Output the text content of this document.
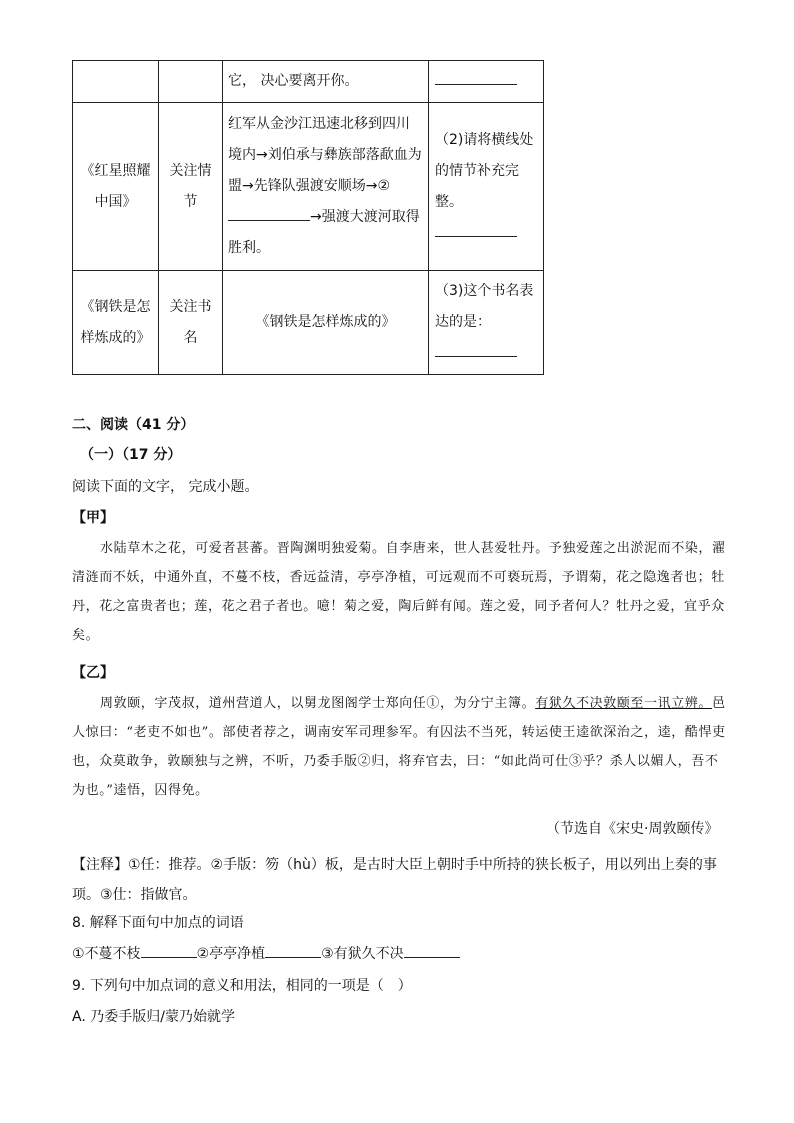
		它， 决心要离开你。	
《红星照耀中国》	关注情节	红军从金沙江迅速北移到四川境内→刘伯承与彝族部落歃血为盟→先锋队强渡安顺场→②→强渡大渡河取得胜利。	（2)请将横线处的情节补充完整。

《钢铁是怎样炼成的》	关注书名	《钢铁是怎样炼成的》	（3)这个书名表达的是：

二、阅读（41 分）
（一）（17 分）
阅读下面的文字， 完成小题。
【甲】
水陆草木之花，可爱者甚蕃。晋陶渊明独爱菊。自李唐来，世人甚爱牡丹。予独爱莲之出淤泥而不染，濯清涟而不妖，中通外直，不蔓不枝，香远益清，亭亭净植，可远观而不可亵玩焉，予谓菊，花之隐逸者也；牡丹，花之富贵者也；莲，花之君子者也。噫！菊之爱，陶后鲜有闻。莲之爱，同予者何人？牡丹之爱，宜乎众矣。
【乙】
周敦颐，字茂叔，道州营道人，以舅龙图阁学士郑向任①，为分宁主簿。有狱久不决敦颐至一讯立辨。邑人惊曰：“老吏不如也”。部使者荐之，调南安军司理参军。有囚法不当死，转运使王逵欲深治之，逵，酷悍吏也，众莫敢争，敦颐独与之辨，不听，乃委手版②归，将弃官去，曰：“如此尚可仕③乎？杀人以媚人，吾不为也。”逵悟，囚得免。
（节选自《宋史·周敦颐传》
【注释】①任：推荐。②手版：笏（hù）板，是古时大臣上朝时手中所持的狭长板子，用以列出上奏的事项。③仕：指做官。
8. 解释下面句中加点的词语
①不蔓不枝	②亭亭净植	③有狱久不决
9. 下列句中加点词的意义和用法，相同的一项是（　）
A. 乃委手版归/蒙乃始就学
